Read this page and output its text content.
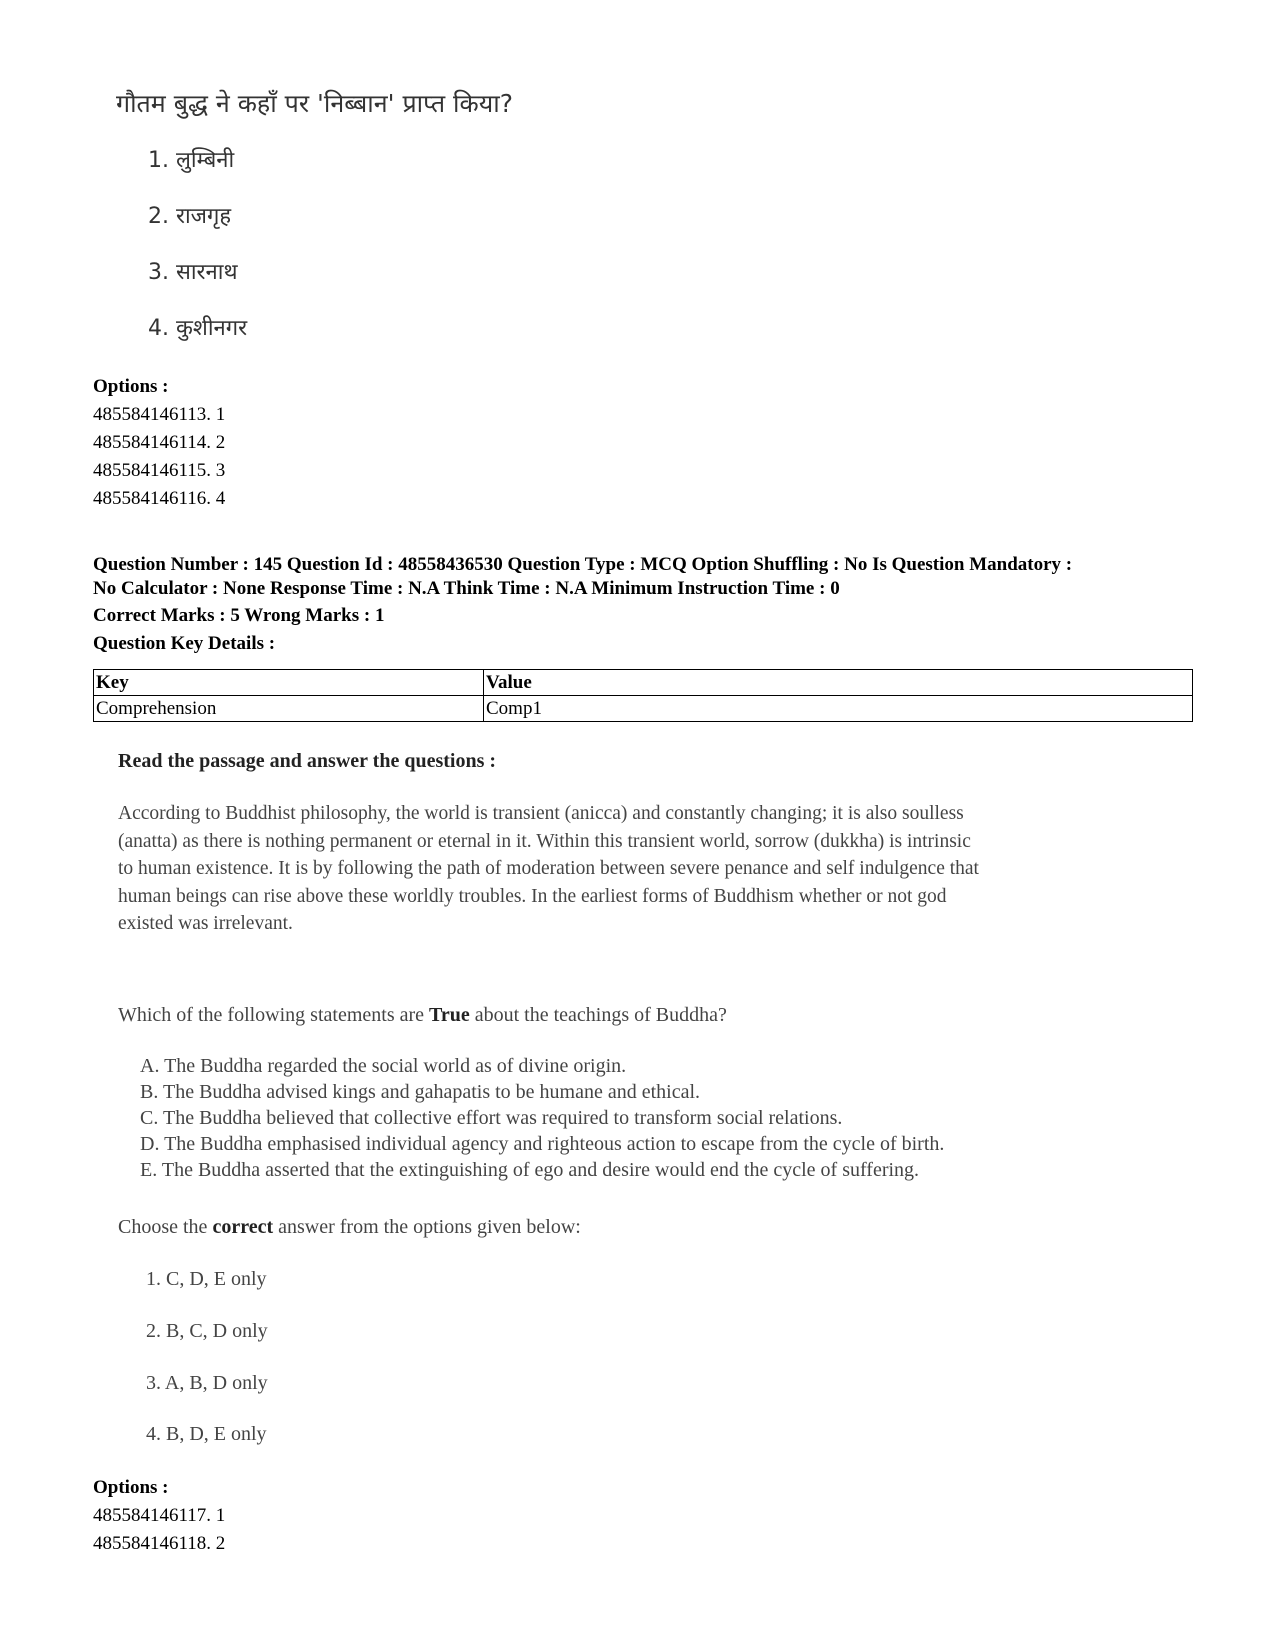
गौतम बुद्ध ने कहाँ पर 'निब्बान' प्राप्त किया?
1. लुम्बिनी
2. राजगृह
3. सारनाथ
4. कुशीनगर
Options :
485584146113. 1
485584146114. 2
485584146115. 3
485584146116. 4
Question Number : 145 Question Id : 48558436530 Question Type : MCQ Option Shuffling : No Is Question Mandatory :
No Calculator : None Response Time : N.A Think Time : N.A Minimum Instruction Time : 0
Correct Marks : 5 Wrong Marks : 1
Question Key Details :
Key	Value
Comprehension	Comp1
Read the passage and answer the questions :
According to Buddhist philosophy, the world is transient (anicca) and constantly changing; it is also soulless
(anatta) as there is nothing permanent or eternal in it. Within this transient world, sorrow (dukkha) is intrinsic
to human existence. It is by following the path of moderation between severe penance and self indulgence that
human beings can rise above these worldly troubles. In the earliest forms of Buddhism whether or not god
existed was irrelevant.
Which of the following statements are True about the teachings of Buddha?
A. The Buddha regarded the social world as of divine origin.
B. The Buddha advised kings and gahapatis to be humane and ethical.
C. The Buddha believed that collective effort was required to transform social relations.
D. The Buddha emphasised individual agency and righteous action to escape from the cycle of birth.
E. The Buddha asserted that the extinguishing of ego and desire would end the cycle of suffering.
Choose the correct answer from the options given below:
1. C, D, E only
2. B, C, D only
3. A, B, D only
4. B, D, E only
Options :
485584146117. 1
485584146118. 2
